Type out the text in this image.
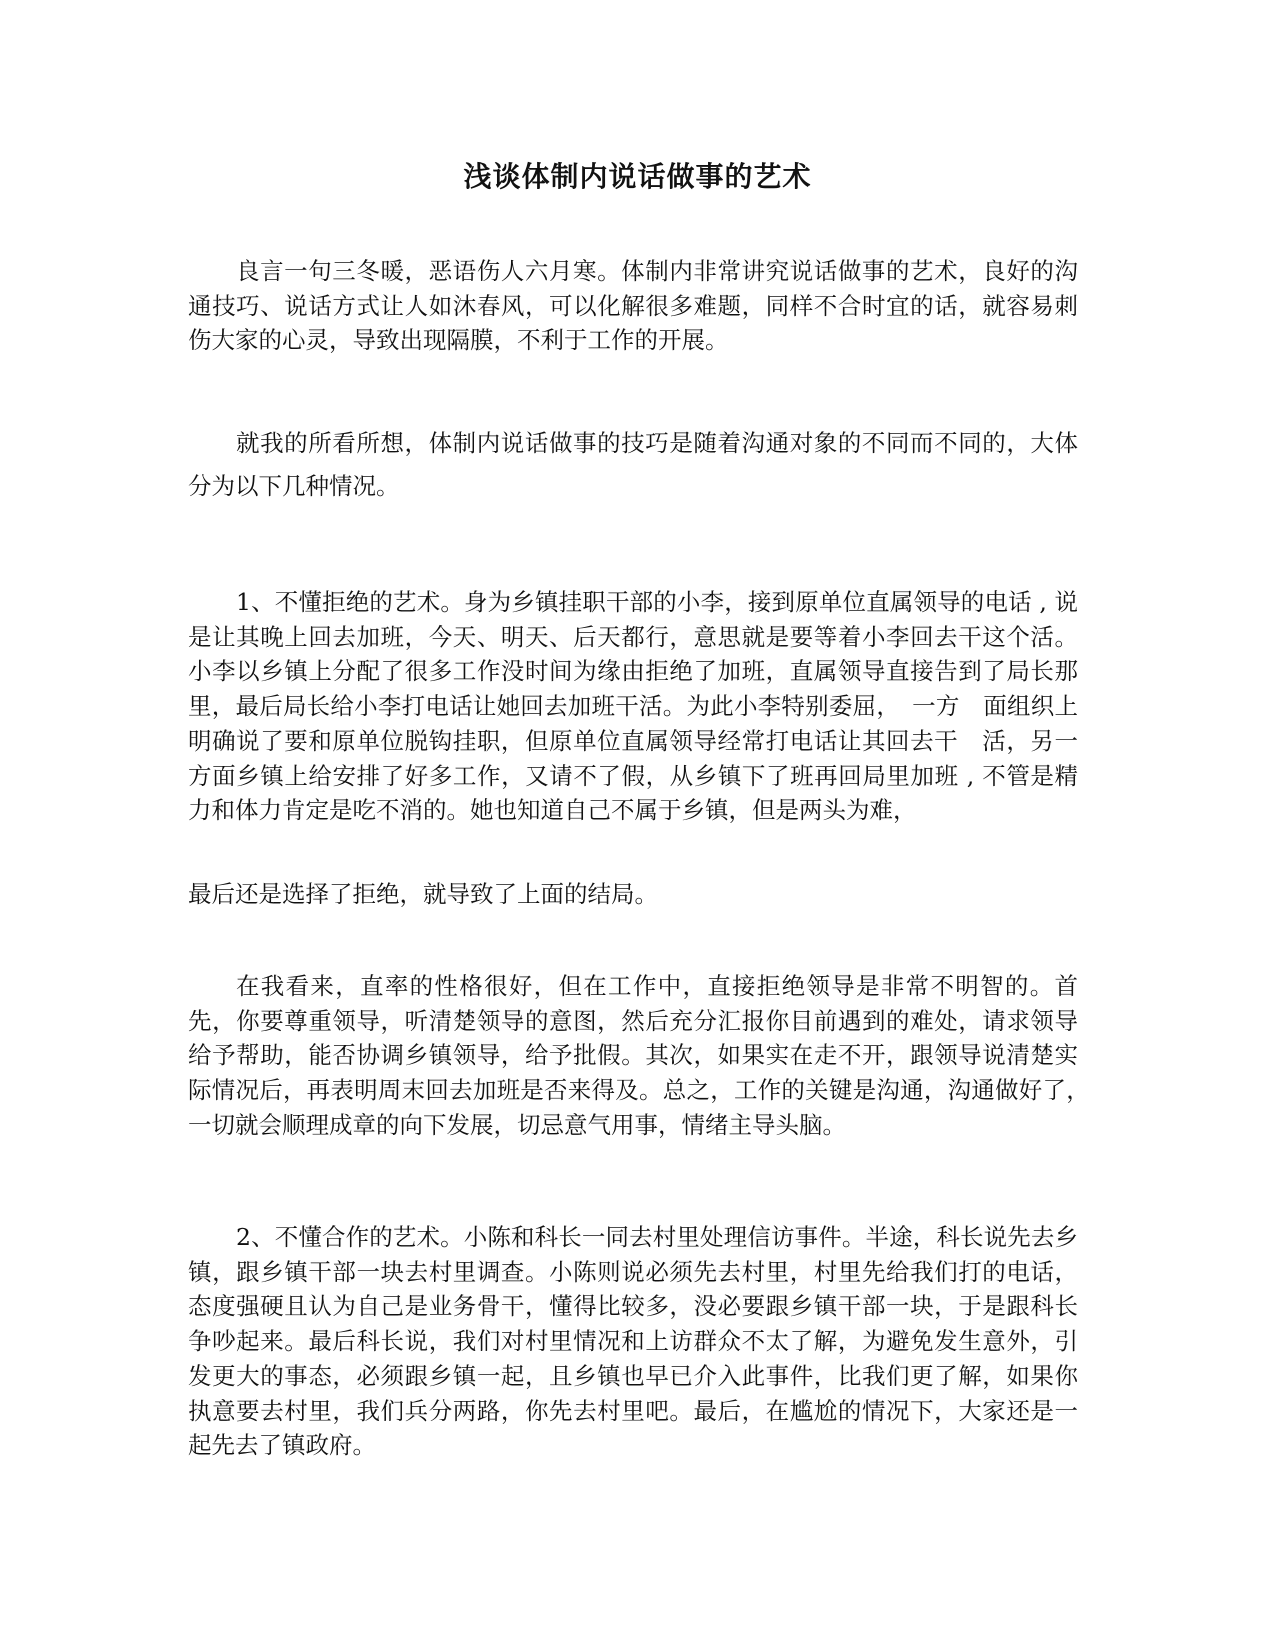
浅谈体制内说话做事的艺术

良言一句三冬暖，恶语伤人六月寒。体制内非常讲究说话做事的艺术，良好的沟通技巧、说话方式让人如沐春风，可以化解很多难题，同样不合时宜的话，就容易刺伤大家的心灵，导致出现隔膜，不利于工作的开展。

就我的所看所想，体制内说话做事的技巧是随着沟通对象的不同而不同的，大体分为以下几种情况。

1、不懂拒绝的艺术。身为乡镇挂职干部的小李，接到原单位直属领导的电话 , 说是让其晚上回去加班，今天、明天、后天都行，意思就是要等着小李回去干这个活。小李以乡镇上分配了很多工作没时间为缘由拒绝了加班，直属领导直接告到了局长那里，最后局长给小李打电话让她回去加班干活。为此小李特别委屈，　一方　面组织上明确说了要和原单位脱钩挂职，但原单位直属领导经常打电话让其回去干　活，另一方面乡镇上给安排了好多工作，又请不了假，从乡镇下了班再回局里加班 , 不管是精力和体力肯定是吃不消的。她也知道自己不属于乡镇，但是两头为难，

最后还是选择了拒绝，就导致了上面的结局。

在我看来，直率的性格很好，但在工作中，直接拒绝领导是非常不明智的。首先，你要尊重领导，听清楚领导的意图，然后充分汇报你目前遇到的难处，请求领导给予帮助，能否协调乡镇领导，给予批假。其次，如果实在走不开，跟领导说清楚实际情况后，再表明周末回去加班是否来得及。总之，工作的关键是沟通，沟通做好了，　一切就会顺理成章的向下发展，切忌意气用事，情绪主导头脑。

2、不懂合作的艺术。小陈和科长一同去村里处理信访事件。半途，科长说先去乡镇，跟乡镇干部一块去村里调查。小陈则说必须先去村里，村里先给我们打的电话，态度强硬且认为自己是业务骨干，懂得比较多，没必要跟乡镇干部一块，于是跟科长争吵起来。最后科长说，我们对村里情况和上访群众不太了解，为避免发生意外，引发更大的事态，必须跟乡镇一起，且乡镇也早已介入此事件，比我们更了解，如果你执意要去村里，我们兵分两路，你先去村里吧。最后，在尴尬的情况下，大家还是一起先去了镇政府。
